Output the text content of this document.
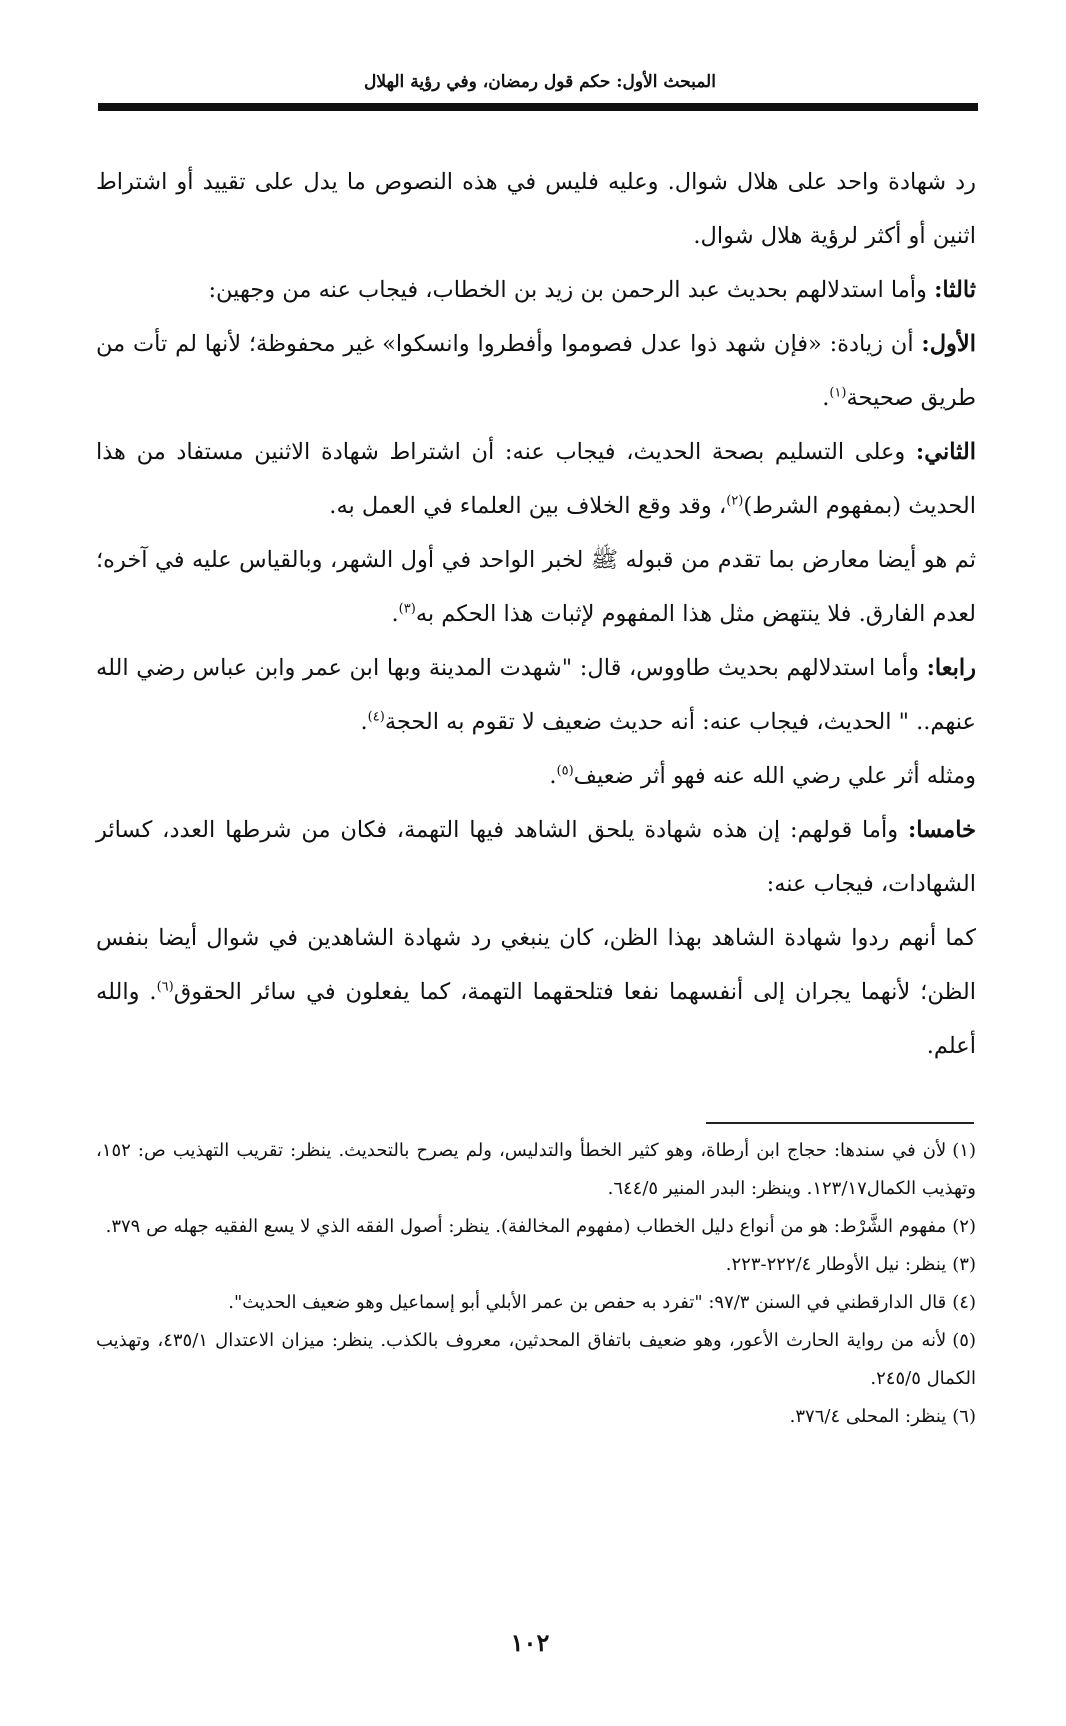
المبحث الأول: حكم قول رمضان، وفي رؤية الهلال

رد شهادة واحد على هلال شوال. وعليه فليس في هذه النصوص ما يدل على تقييد أو اشتراط اثنين أو أكثر لرؤية هلال شوال.

ثالثا: وأما استدلالهم بحديث عبد الرحمن بن زيد بن الخطاب، فيجاب عنه من وجهين:

الأول: أن زيادة: «فإن شهد ذوا عدل فصوموا وأفطروا وانسكوا» غير محفوظة؛ لأنها لم تأت من طريق صحيحة$^{(١)}$.

الثاني: وعلى التسليم بصحة الحديث، فيجاب عنه: أن اشتراط شهادة الاثنين مستفاد من هذا الحديث (بمفهوم الشرط)$^{(٢)}$، وقد وقع الخلاف بين العلماء في العمل به.

ثم هو أيضا معارض بما تقدم من قبوله ﷺ لخبر الواحد في أول الشهر، وبالقياس عليه في آخره؛ لعدم الفارق. فلا ينتهض مثل هذا المفهوم لإثبات هذا الحكم به$^{(٣)}$.

رابعا: وأما استدلالهم بحديث طاووس، قال: "شهدت المدينة وبها ابن عمر وابن عباس رضي الله عنهم.. " الحديث، فيجاب عنه: أنه حديث ضعيف لا تقوم به الحجة$^{(٤)}$.

ومثله أثر علي رضي الله عنه فهو أثر ضعيف$^{(٥)}$.

خامسا: وأما قولهم: إن هذه شهادة يلحق الشاهد فيها التهمة، فكان من شرطها العدد، كسائر الشهادات، فيجاب عنه:

كما أنهم ردوا شهادة الشاهد بهذا الظن، كان ينبغي رد شهادة الشاهدين في شوال أيضا بنفس الظن؛ لأنهما يجران إلى أنفسهما نفعا فتلحقهما التهمة، كما يفعلون في سائر الحقوق$^{(٦)}$. والله أعلم.

(١)لأن في سندها: حجاج ابن أرطاة، وهو كثير الخطأ والتدليس، ولم يصرح بالتحديث. ينظر: تقريب التهذيب ص: ١٥٢، وتهذيب الكمال١٢٣/١٧. وينظر: البدر المنير ٦٤٤/٥.

(٢)مفهوم الشَّرْط: هو من أنواع دليل الخطاب (مفهوم المخالفة). ينظر: أصول الفقه الذي لا يسع الفقيه جهله ص ٣٧٩.

(٣)ينظر: نيل الأوطار ٢٢٢/٤-٢٢٣.

(٤)قال الدارقطني في السنن ٩٧/٣: "تفرد به حفص بن عمر الأبلي أبو إسماعيل وهو ضعيف الحديث".

(٥)لأنه من رواية الحارث الأعور، وهو ضعيف باتفاق المحدثين، معروف بالكذب. ينظر: ميزان الاعتدال ٤٣٥/١، وتهذيب الكمال ٢٤٥/٥.

(٦)ينظر: المحلى ٣٧٦/٤.

١٠٢
